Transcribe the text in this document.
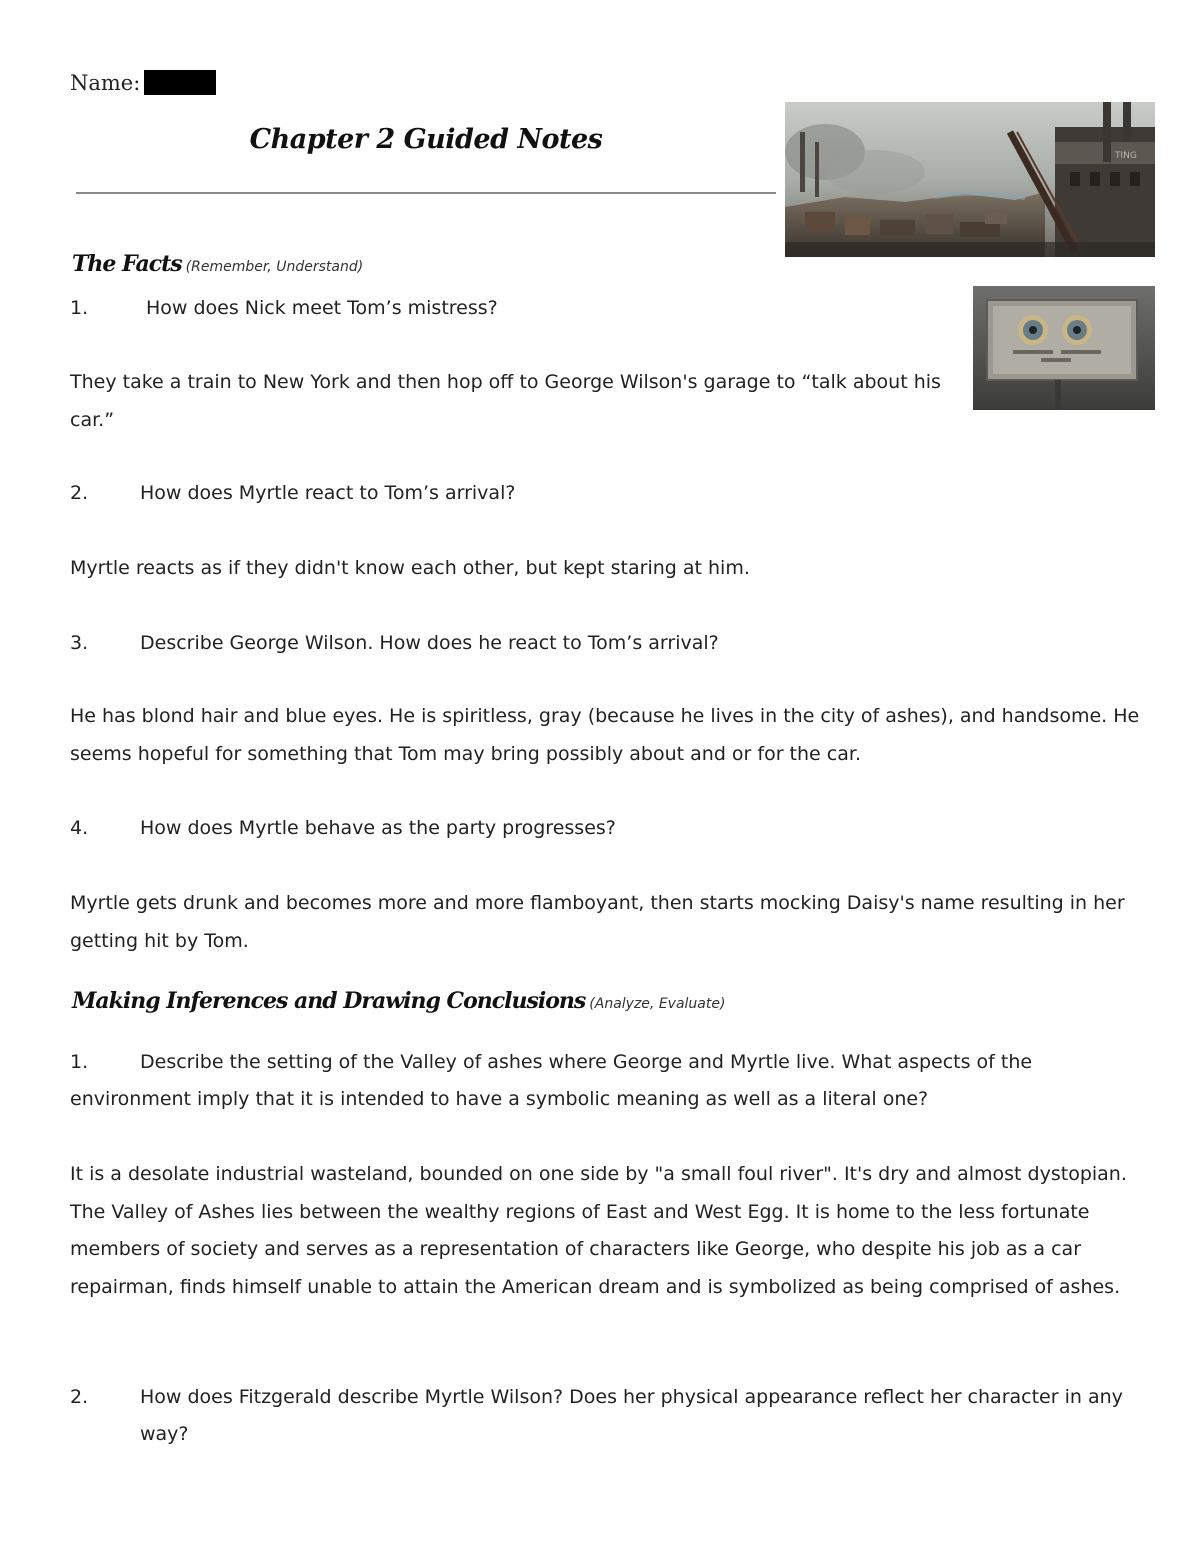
Name:
Chapter 2 Guided Notes
TING
The Facts (Remember, Understand)
1.	How does Nick meet Tom’s mistress?
They take a train to New York and then hop off to George Wilson's garage to “talk about his car.”
2.	How does Myrtle react to Tom’s arrival?
Myrtle reacts as if they didn't know each other, but kept staring at him.
3.	Describe George Wilson. How does he react to Tom’s arrival?
He has blond hair and blue eyes. He is spiritless, gray (because he lives in the city of ashes), and handsome. He seems hopeful for something that Tom may bring possibly about and or for the car.
4.	How does Myrtle behave as the party progresses?
Myrtle gets drunk and becomes more and more flamboyant, then starts mocking Daisy's name resulting in her getting hit by Tom.
Making Inferences and Drawing Conclusions (Analyze, Evaluate)
1.	Describe the setting of the Valley of ashes where George and Myrtle live. What aspects of the environment imply that it is intended to have a symbolic meaning as well as a literal one?
It is a desolate industrial wasteland, bounded on one side by "a small foul river". It's dry and almost dystopian. The Valley of Ashes lies between the wealthy regions of East and West Egg. It is home to the less fortunate members of society and serves as a representation of characters like George, who despite his job as a car repairman, finds himself unable to attain the American dream and is symbolized as being comprised of ashes.
2.	How does Fitzgerald describe Myrtle Wilson? Does her physical appearance reflect her character in any way?
